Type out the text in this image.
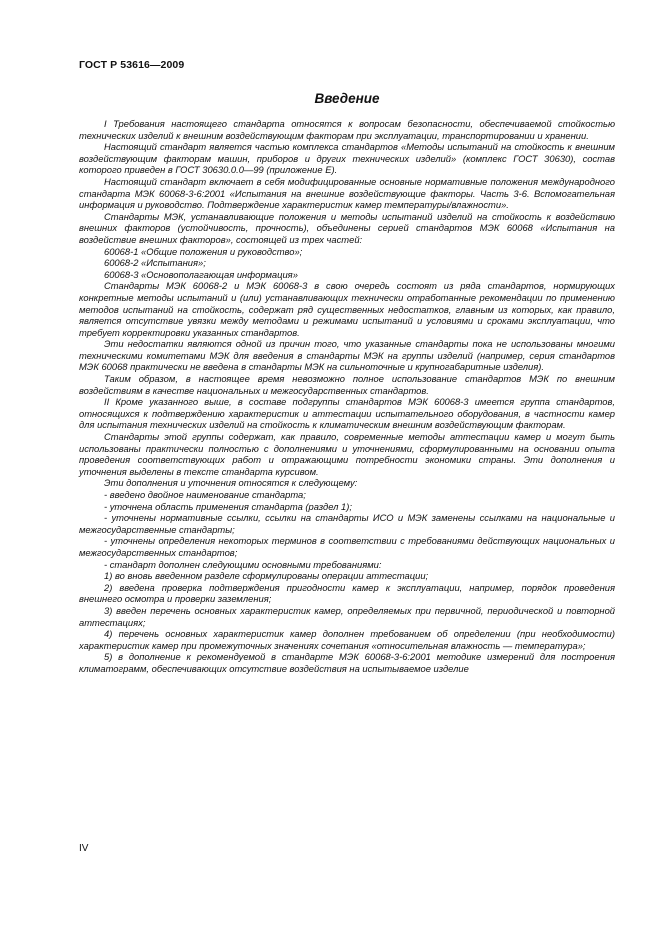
ГОСТ Р 53616—2009
Введение

I Требования настоящего стандарта относятся к вопросам безопасности, обеспечиваемой стойкостью технических изделий к внешним воздействующим факторам при эксплуатации, транспортировании и хранении.

Настоящий стандарт является частью комплекса стандартов «Методы испытаний на стойкость к внешним воздействующим факторам машин, приборов и других технических изделий» (комплекс ГОСТ 30630), состав которого приведен в ГОСТ 30630.0.0—99 (приложение Е).

Настоящий стандарт включает в себя модифицированные основные нормативные положения международного стандарта МЭК 60068-3-6:2001 «Испытания на внешние воздействующие факторы. Часть 3-6. Вспомогательная информация и руководство. Подтверждение характеристик камер температуры/влажности».

Стандарты МЭК, устанавливающие положения и методы испытаний изделий на стойкость к воздействию внешних факторов (устойчивость, прочность), объединены серией стандартов МЭК 60068 «Испытания на воздействие внешних факторов», состоящей из трех частей:

60068-1 «Общие положения и руководство»;

60068-2 «Испытания»;

60068-3 «Основополагающая информация»

Стандарты МЭК 60068-2 и МЭК 60068-3 в свою очередь состоят из ряда стандартов, нормирующих конкретные методы испытаний и (или) устанавливающих технически отработанные рекомендации по применению методов испытаний на стойкость, содержат ряд существенных недостатков, главным из которых, как правило, является отсутствие увязки между методами и режимами испытаний и условиями и сроками эксплуатации, что требует корректировки указанных стандартов.

Эти недостатки являются одной из причин того, что указанные стандарты пока не использованы многими техническими комитетами МЭК для введения в стандарты МЭК на группы изделий (например, серия стандартов МЭК 60068 практически не введена в стандарты МЭК на сильноточные и крупногабаритные изделия).

Таким образом, в настоящее время невозможно полное использование стандартов МЭК по внешним воздействиям в качестве национальных и межгосударственных стандартов.

II Кроме указанного выше, в составе подгруппы стандартов МЭК 60068-3 имеется группа стандартов, относящихся к подтверждению характеристик и аттестации испытательного оборудования, в частности камер для испытания технических изделий на стойкость к климатическим внешним воздействующим факторам.

Стандарты этой группы содержат, как правило, современные методы аттестации камер и могут быть использованы практически полностью с дополнениями и уточнениями, сформулированными на основании опыта проведения соответствующих работ и отражающими потребности экономики страны. Эти дополнения и уточнения выделены в тексте стандарта курсивом.

Эти дополнения и уточнения относятся к следующему:

- введено двойное наименование стандарта;

- уточнена область применения стандарта (раздел 1);

- уточнены нормативные ссылки, ссылки на стандарты ИСО и МЭК заменены ссылками на национальные и межгосударственные стандарты;

- уточнены определения некоторых терминов в соответствии с требованиями действующих национальных и межгосударственных стандартов;

- стандарт дополнен следующими основными требованиями:

1) во вновь введенном разделе сформулированы операции аттестации;

2) введена проверка подтверждения пригодности камер к эксплуатации, например, порядок проведения внешнего осмотра и проверки заземления;

3) введен перечень основных характеристик камер, определяемых при первичной, периодической и повторной аттестациях;

4) перечень основных характеристик камер дополнен требованием об определении (при необходимости) характеристик камер при промежуточных значениях сочетания «относительная влажность — температура»;

5) в дополнение к рекомендуемой в стандарте МЭК 60068-3-6:2001 методике измерений для построения климатограмм, обеспечивающих отсутствие воздействия на испытываемое изделие

IV
